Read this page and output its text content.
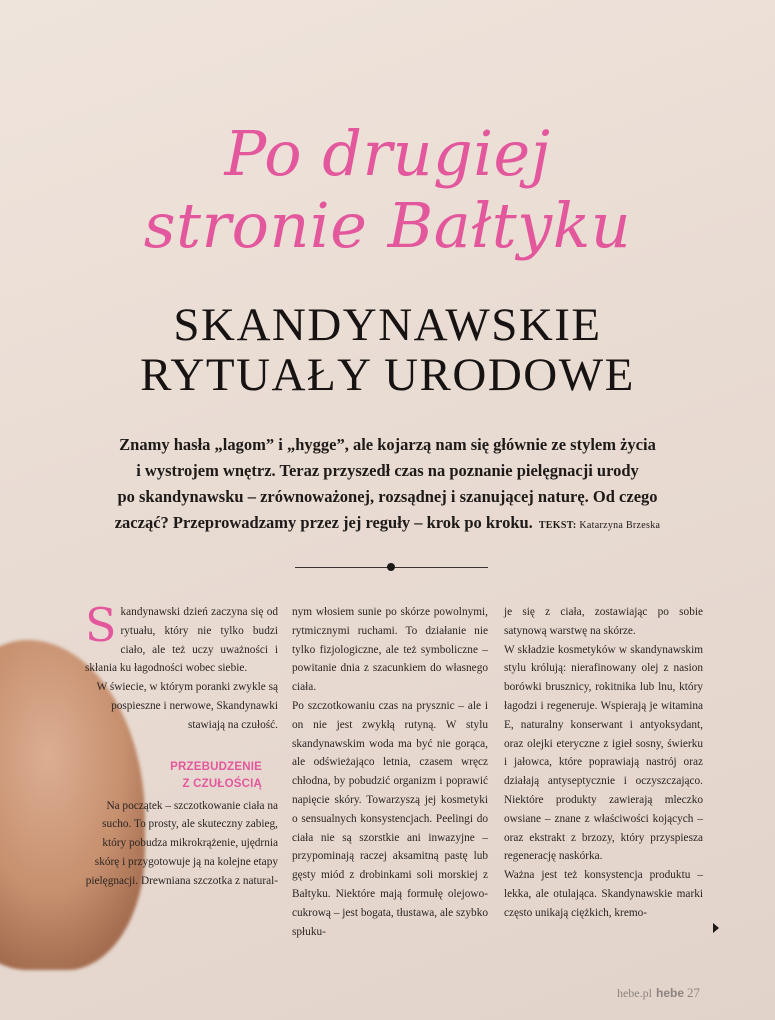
Po drugiej
stronie Bałtyku
SKANDYNAWSKIE
RYTUAŁY URODOWE
Znamy hasła „lagom” i „hygge”, ale kojarzą nam się głównie ze stylem życia
i wystrojem wnętrz. Teraz przyszedł czas na poznanie pielęgnacji urody
po skandynawsku – zrównoważonej, rozsądnej i szanującej naturę. Od czego
zacząć? Przeprowadzamy przez jej reguły – krok po kroku. TEKST: Katarzyna Brzeska

Skandynawski dzień zaczyna się od rytuału, który nie tylko budzi ciało, ale też uczy uważności i skłania ku łagodności wobec siebie.

W świecie, w którym poranki zwykle są pospieszne i nerwowe, Skandynawki stawiają na czułość.

PRZEBUDZENIE
Z CZUŁOŚCIĄ

Na początek – szczotkowanie ciała na sucho. To prosty, ale skuteczny zabieg, który pobudza mikrokrążenie, ujędrnia skórę i przygotowuje ją na kolejne etapy pielęgnacji. Drewniana szczotka z natural-

nym włosiem sunie po skórze powolnymi, rytmicznymi ruchami. To działanie nie tylko fizjologiczne, ale też symboliczne – powitanie dnia z szacunkiem do własnego ciała.

Po szczotkowaniu czas na prysznic – ale i on nie jest zwykłą rutyną. W stylu skandynawskim woda ma być nie gorąca, ale odświeżająco letnia, czasem wręcz chłodna, by pobudzić organizm i poprawić napięcie skóry. Towarzyszą jej kosmetyki o sensualnych konsystencjach. Peelingi do ciała nie są szorstkie ani inwazyjne – przypominają raczej aksamitną pastę lub gęsty miód z drobinkami soli morskiej z Bałtyku. Niektóre mają formułę olejowo-cukrową – jest bogata, tłustawa, ale szybko spłuku-

je się z ciała, zostawiając po sobie satynową warstwę na skórze.

W składzie kosmetyków w skandynawskim stylu królują: nierafinowany olej z nasion borówki brusznicy, rokitnika lub lnu, który łagodzi i regeneruje. Wspierają je witamina E, naturalny konserwant i antyoksydant, oraz olejki eteryczne z igieł sosny, świerku i jałowca, które poprawiają nastrój oraz działają antyseptycznie i oczyszczająco. Niektóre produkty zawierają mleczko owsiane – znane z właściwości kojących – oraz ekstrakt z brzozy, który przyspiesza regenerację naskórka.

Ważna jest też konsystencja produktu – lekka, ale otulająca. Skandynawskie marki często unikają ciężkich, kremo-

hebe.pl hebe 27
